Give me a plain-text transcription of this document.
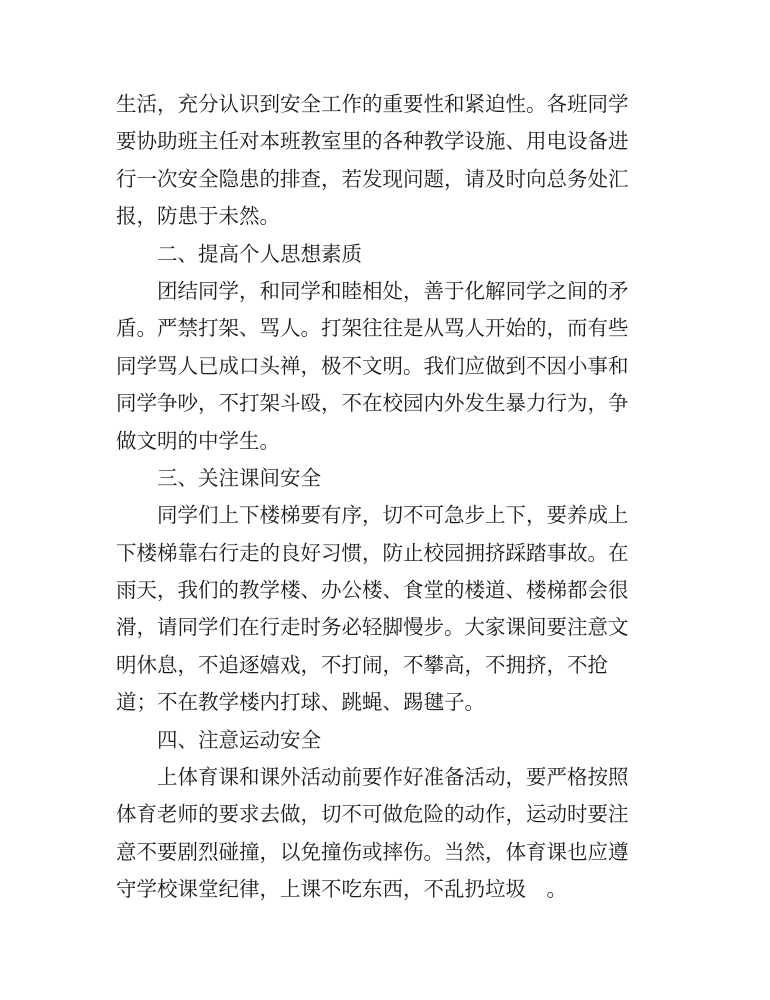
生活，充分认识到安全工作的重要性和紧迫性。各班同学
要协助班主任对本班教室里的各种教学设施、用电设备进
行一次安全隐患的排查，若发现问题，请及时向总务处汇
报，防患于未然。
二、提高个人思想素质
团结同学，和同学和睦相处，善于化解同学之间的矛
盾。严禁打架、骂人。打架往往是从骂人开始的，而有些
同学骂人已成口头禅，极不文明。我们应做到不因小事和
同学争吵，不打架斗殴，不在校园内外发生暴力行为，争
做文明的中学生。
三、关注课间安全
同学们上下楼梯要有序，切不可急步上下，要养成上
下楼梯靠右行走的良好习惯，防止校园拥挤踩踏事故。在
雨天，我们的教学楼、办公楼、食堂的楼道、楼梯都会很
滑，请同学们在行走时务必轻脚慢步。大家课间要注意文
明休息，不追逐嬉戏，不打闹，不攀高，不拥挤，不抢
道；不在教学楼内打球、跳蝇、踢毽子。
四、注意运动安全
上体育课和课外活动前要作好准备活动，要严格按照
体育老师的要求去做，切不可做危险的动作，运动时要注
意不要剧烈碰撞，以免撞伤或摔伤。当然，体育课也应遵
守学校课堂纪律，上课不吃东西，不乱扔垃圾　。
